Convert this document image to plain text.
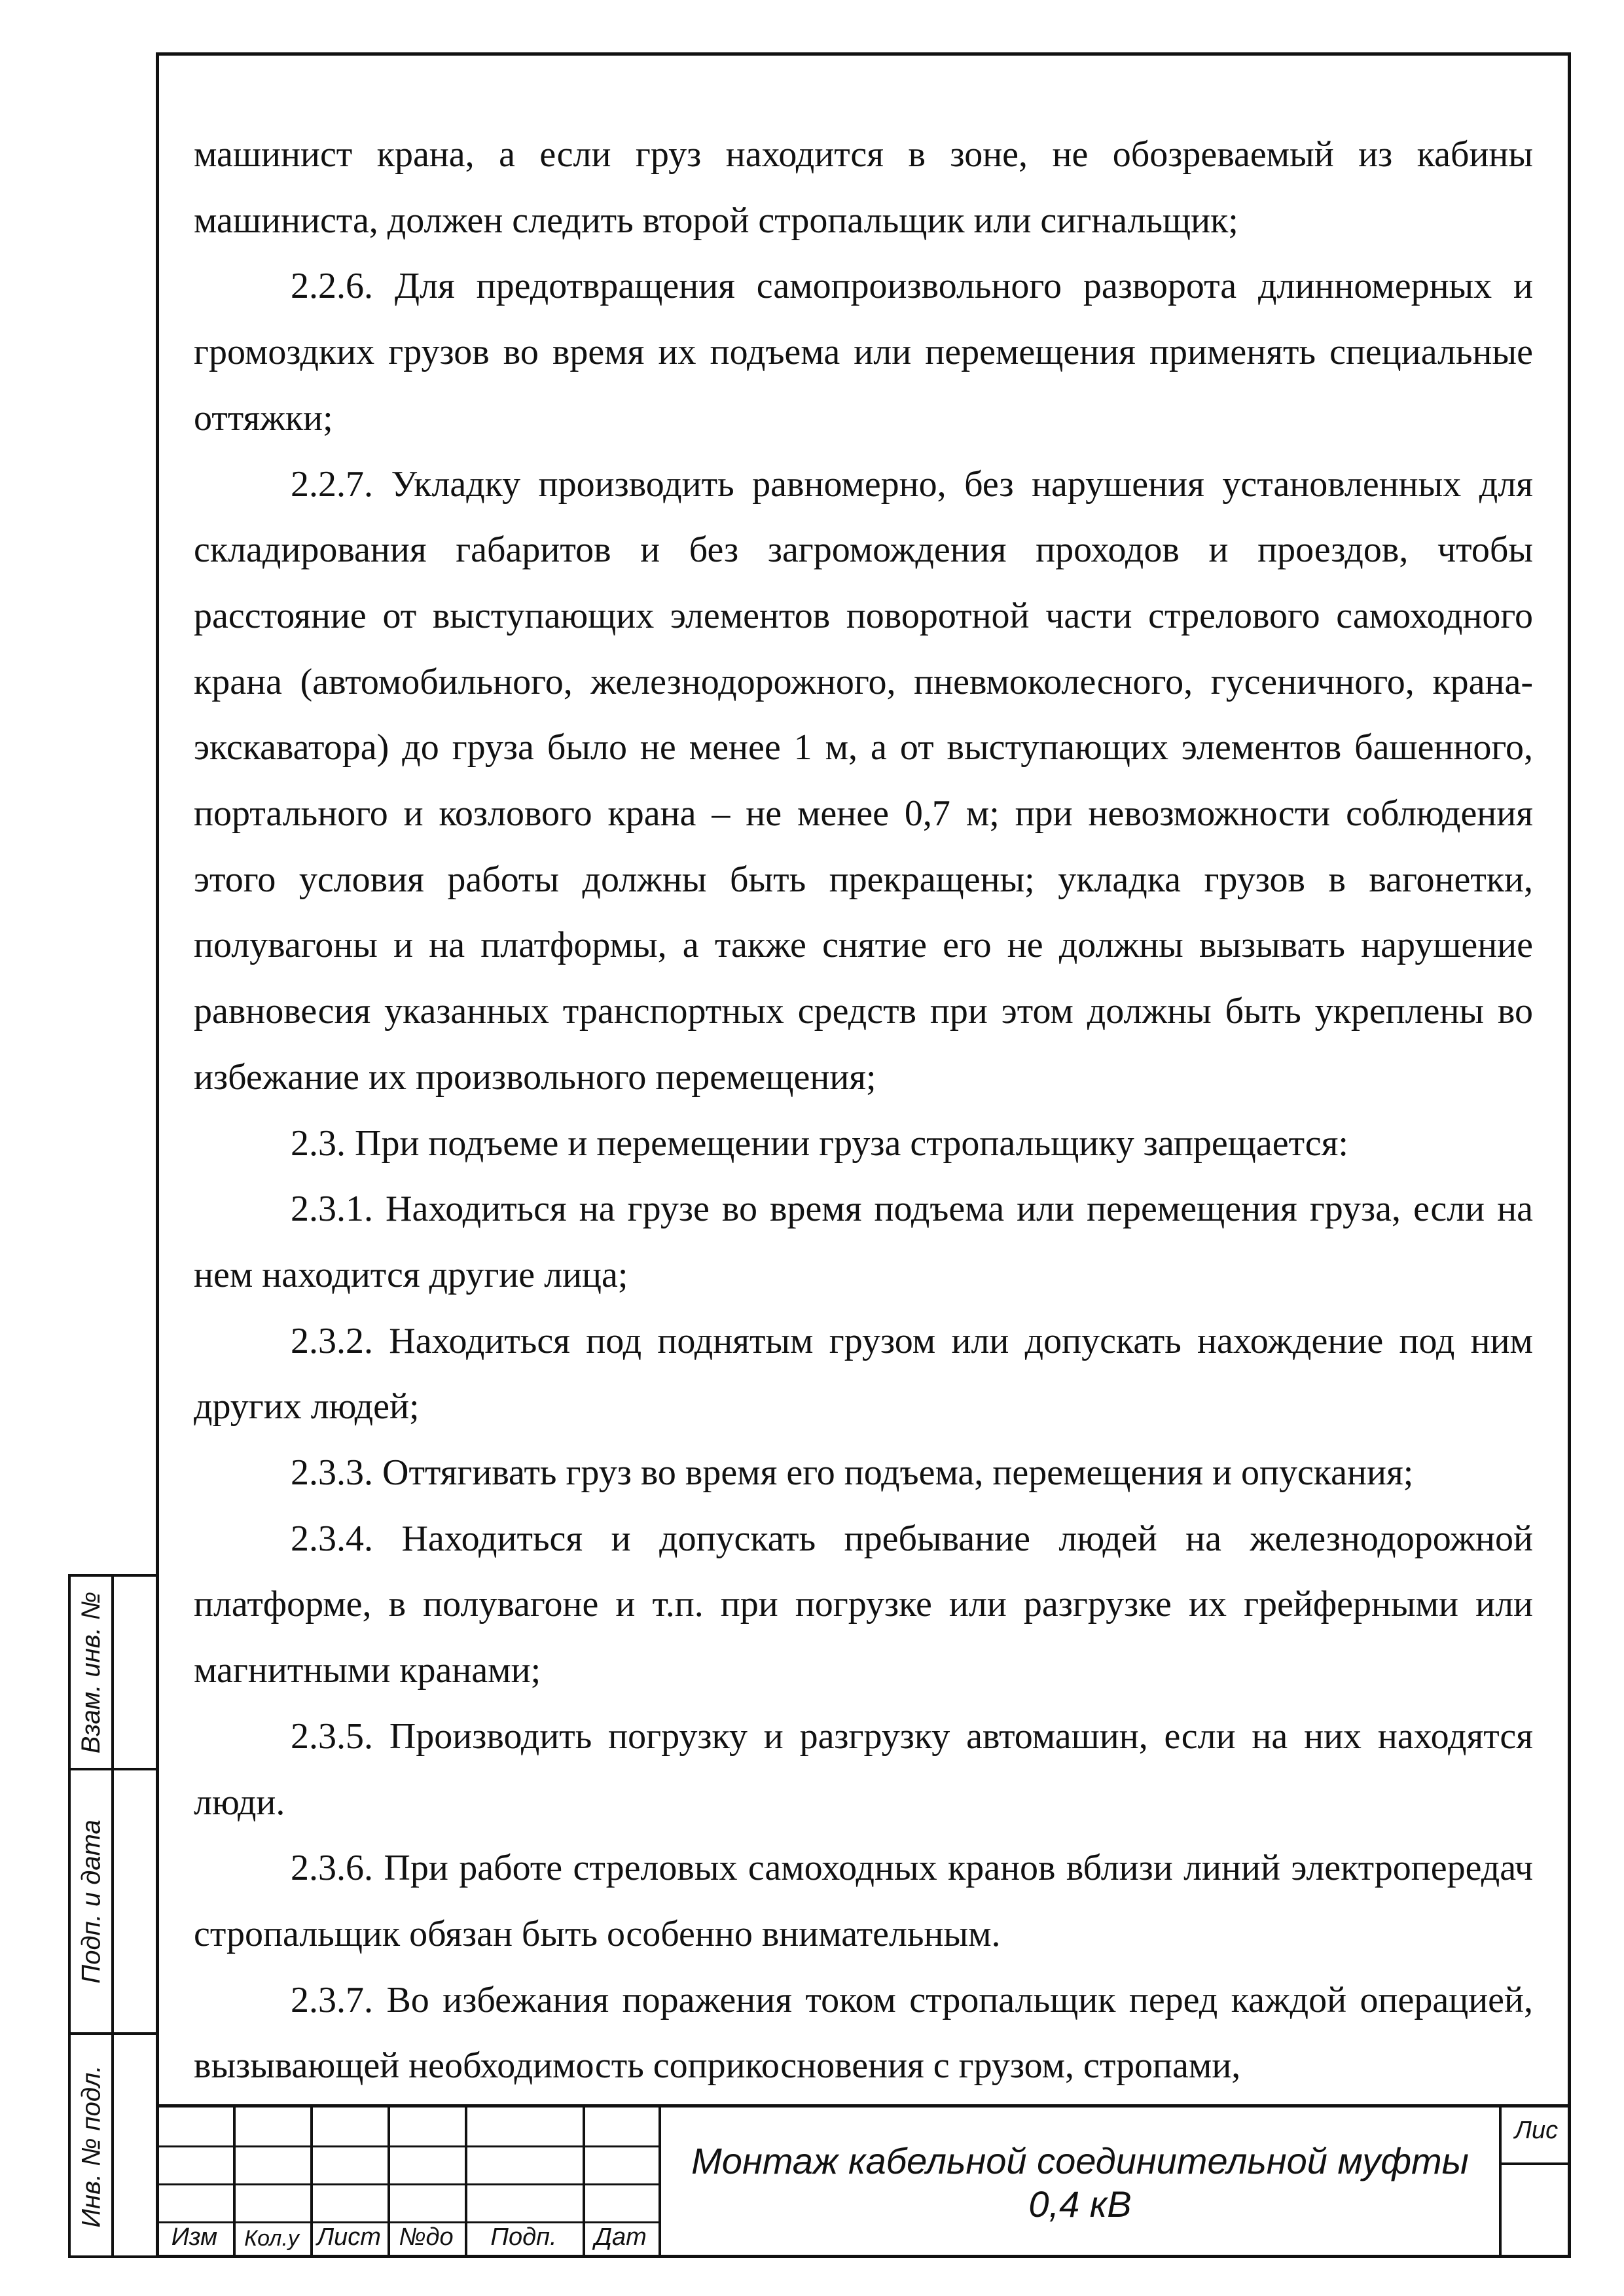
машинист крана, а если груз находится в зоне, не обозреваемый из кабины машиниста, должен следить второй стропальщик или сигнальщик;

2.2.6. Для предотвращения самопроизвольного разворота длинномерных и громоздких грузов во время их подъема или перемещения применять специальные оттяжки;

2.2.7. Укладку производить равномерно, без нарушения установленных для складирования габаритов и без загромождения проходов и проездов, чтобы расстояние от выступающих элементов поворотной части стрелового самоходного крана (автомобильного, железнодорожного, пневмоколесного, гусеничного, крана-экскаватора) до груза было не менее 1 м, а от выступающих элементов башенного, портального и козлового крана – не менее 0,7 м; при невозможности соблюдения этого условия работы должны быть прекращены; укладка грузов в вагонетки, полувагоны и на платформы, а также снятие его не должны вызывать нарушение равновесия указанных транспортных средств при этом должны быть укреплены во избежание их произвольного перемещения;

2.3. При подъеме и перемещении груза стропальщику запрещается:

2.3.1. Находиться на грузе во время подъема или перемещения груза, если на нем находится другие лица;

2.3.2. Находиться под поднятым грузом или допускать нахождение под ним других людей;

2.3.3. Оттягивать груз во время его подъема, перемещения и опускания;

2.3.4. Находиться и допускать пребывание людей на железнодорожной платформе, в полувагоне и т.п. при погрузке или разгрузке их грейферными или магнитными кранами;

2.3.5. Производить погрузку и разгрузку автомашин, если на них находятся люди.

2.3.6. При работе стреловых самоходных кранов вблизи линий электропередач стропальщик обязан быть особенно внимательным.

2.3.7. Во избежания поражения током стропальщик перед каждой операцией, вызывающей необходимость соприкосновения с грузом, стропами,

Взам. инв. №
Подп. и дата
Инв. № подл.
Изм	Кол.у Лист №до	Подп.	Дат
Монтаж кабельной соединительной муфты
0,4 кВ
Лис
